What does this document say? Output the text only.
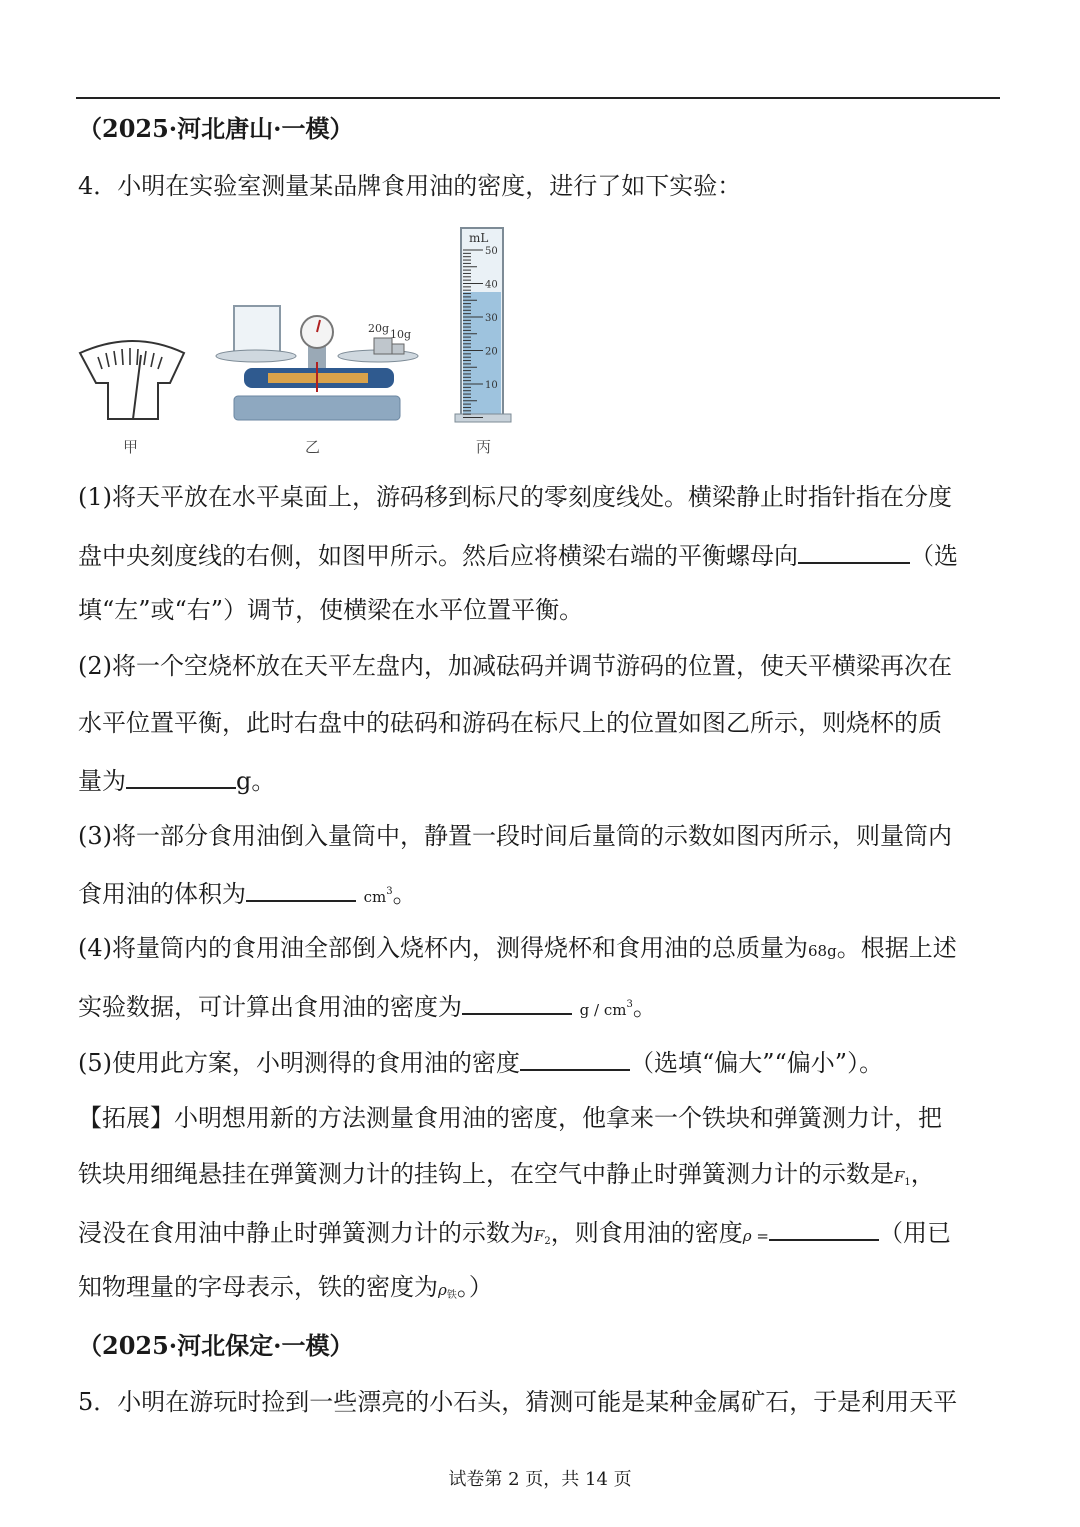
（2025·河北唐山·一模）
4．小明在实验室测量某品牌食用油的密度，进行了如下实验：
20g 10g
mL
50
40
30
20
10
甲	乙	丙
(1)将天平放在水平桌面上，游码移到标尺的零刻度线处。横梁静止时指针指在分度
盘中央刻度线的右侧，如图甲所示。然后应将横梁右端的平衡螺母向	（选
填“左”或“右”）调节，使横梁在水平位置平衡。
(2)将一个空烧杯放在天平左盘内，加减砝码并调节游码的位置，使天平横梁再次在
水平位置平衡，此时右盘中的砝码和游码在标尺上的位置如图乙所示，则烧杯的质
量为	g。
(3)将一部分食用油倒入量筒中，静置一段时间后量筒的示数如图丙所示，则量筒内
食用油的体积为	$cm^3$。
(4)将量筒内的食用油全部倒入烧杯内，测得烧杯和食用油的总质量为68g。根据上述
实验数据，可计算出食用油的密度为	g / $cm^3$。
(5)使用此方案，小明测得的食用油的密度	（选填“偏大”“偏小”）。
【拓展】小明想用新的方法测量食用油的密度，他拿来一个铁块和弹簧测力计，把
铁块用细绳悬挂在弹簧测力计的挂钩上，在空气中静止时弹簧测力计的示数是$F_1$，
浸没在食用油中静止时弹簧测力计的示数为$F_2$，则食用油的密度ρ =	（用已
知物理量的字母表示，铁的密度为$\rho_铁$。）
（2025·河北保定·一模）
5．小明在游玩时捡到一些漂亮的小石头，猜测可能是某种金属矿石，于是利用天平
试卷第 2 页，共 14 页
